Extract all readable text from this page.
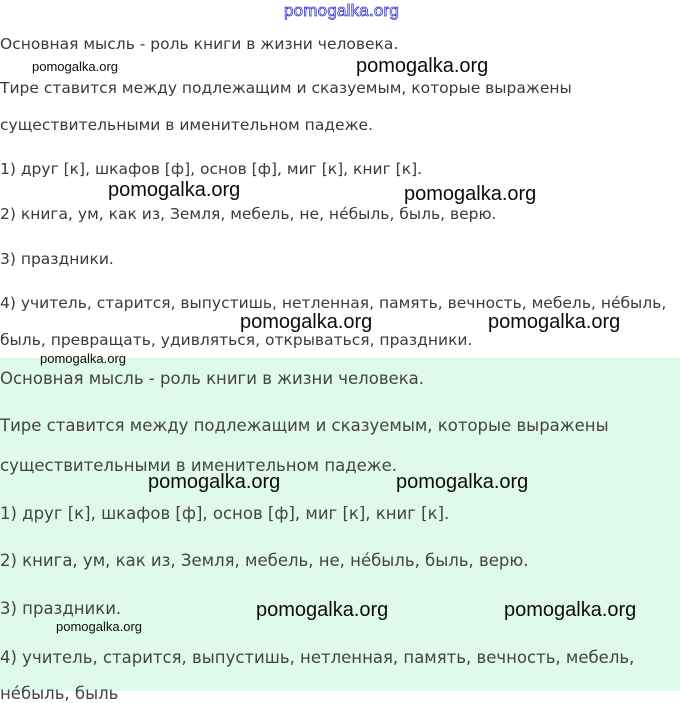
pomogalka.org
Основная мысль - роль книги в жизни человека.
Тире ставится между подлежащим и сказуемым, которые выражены
существительными в именительном падеже.
1) друг [к], шкафов [ф], основ [ф], миг [к], книг [к].
2) книга, ум, как из, Земля, мебель, не, нéбыль, быль, верю.
3) праздники.
4) учитель, старится, выпустишь, нетленная, память, вечность, мебель, нéбыль,
быль, превращать, удивляться, открываться, праздники.
Основная мысль - роль книги в жизни человека.
Тире ставится между подлежащим и сказуемым, которые выражены
существительными в именительном падеже.
1) друг [к], шкафов [ф], основ [ф], миг [к], книг [к].
2) книга, ум, как из, Земля, мебель, не, нéбыль, быль, верю.
3) праздники.
4) учитель, старится, выпустишь, нетленная, память, вечность, мебель,
нéбыль, быль
pomogalka.org	pomogalka.org
pomogalka.org	pomogalka.org
pomogalka.org	pomogalka.org
pomogalka.org
pomogalka.org	pomogalka.org
pomogalka.org	pomogalka.org
pomogalka.org
